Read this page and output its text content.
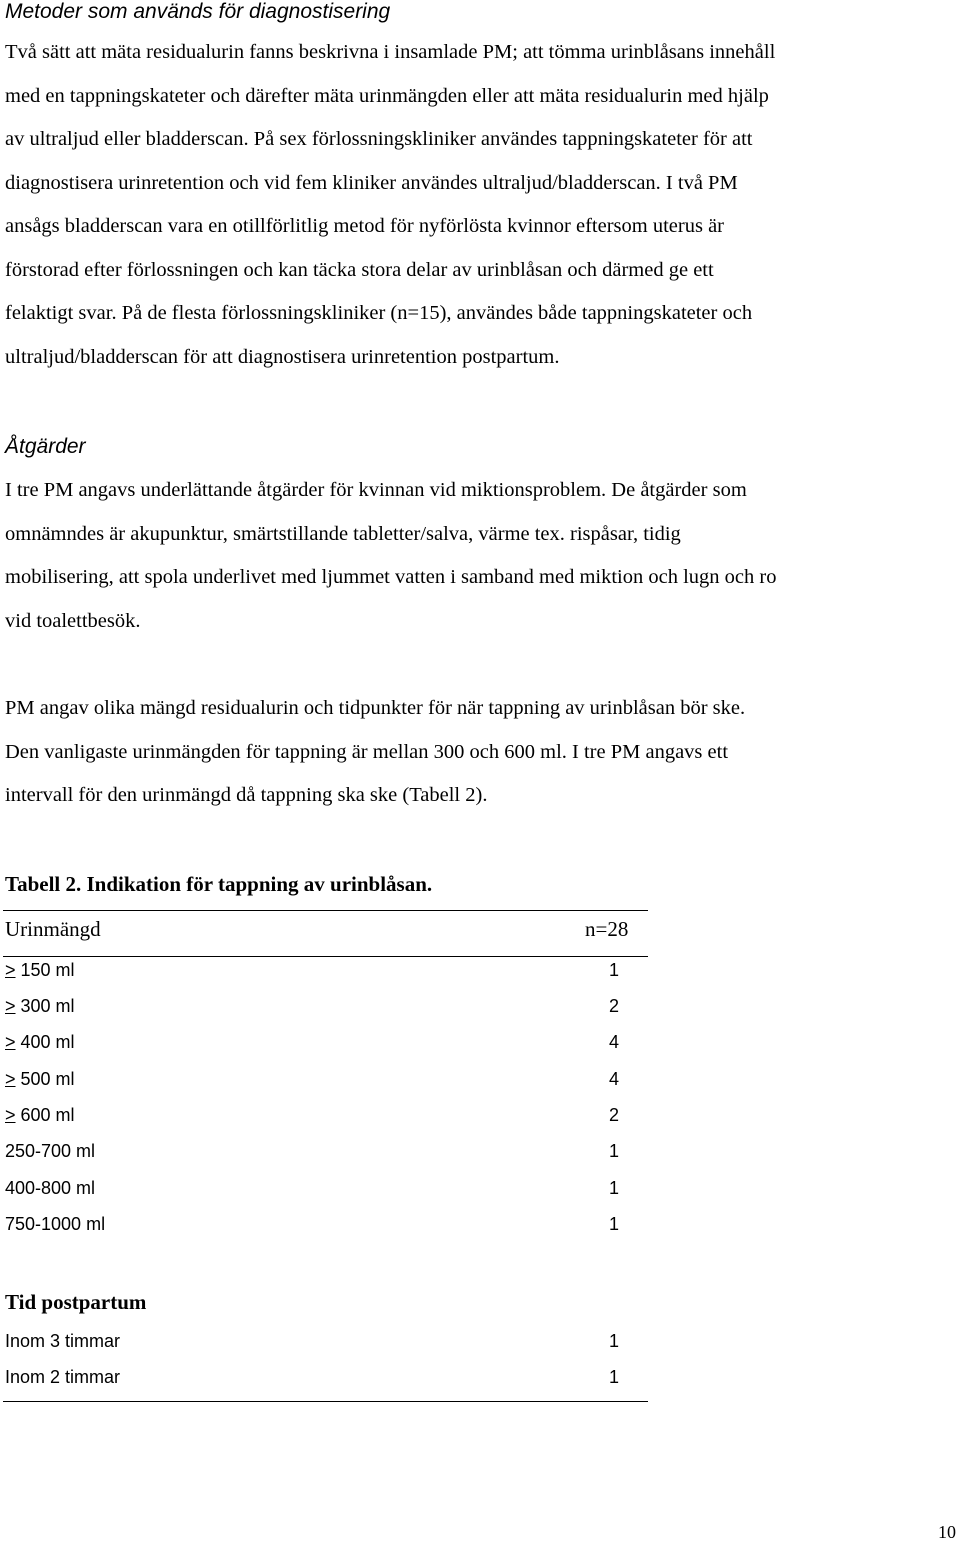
Metoder som används för diagnostisering

Två sätt att mäta residualurin fanns beskrivna i insamlade PM; att tömma urinblåsans innehåll
med en tappningskateter och därefter mäta urinmängden eller att mäta residualurin med hjälp
av ultraljud eller bladderscan. På sex förlossningskliniker användes tappningskateter för att
diagnostisera urinretention och vid fem kliniker användes ultraljud/bladderscan. I två PM
ansågs bladderscan vara en otillförlitlig metod för nyförlösta kvinnor eftersom uterus är
förstorad efter förlossningen och kan täcka stora delar av urinblåsan och därmed ge ett
felaktigt svar. På de flesta förlossningskliniker (n=15), användes både tappningskateter och
ultraljud/bladderscan för att diagnostisera urinretention postpartum.

Åtgärder

I tre PM angavs underlättande åtgärder för kvinnan vid miktionsproblem. De åtgärder som
omnämndes är akupunktur, smärtstillande tabletter/salva, värme tex. rispåsar, tidig
mobilisering, att spola underlivet med ljummet vatten i samband med miktion och lugn och ro
vid toalettbesök.

PM angav olika mängd residualurin och tidpunkter för när tappning av urinblåsan bör ske.
Den vanligaste urinmängden för tappning är mellan 300 och 600 ml. I tre PM angavs ett
intervall för den urinmängd då tappning ska ske (Tabell 2).

Tabell 2. Indikation för tappning av urinblåsan.

Urinmängd	n=28
> 150 ml	1
> 300 ml	2
> 400 ml	4
> 500 ml	4
> 600 ml	2
250-700 ml	1
400-800 ml	1
750-1000 ml	1
Tid postpartum
Inom 3 timmar	1
Inom 2 timmar	1
10
